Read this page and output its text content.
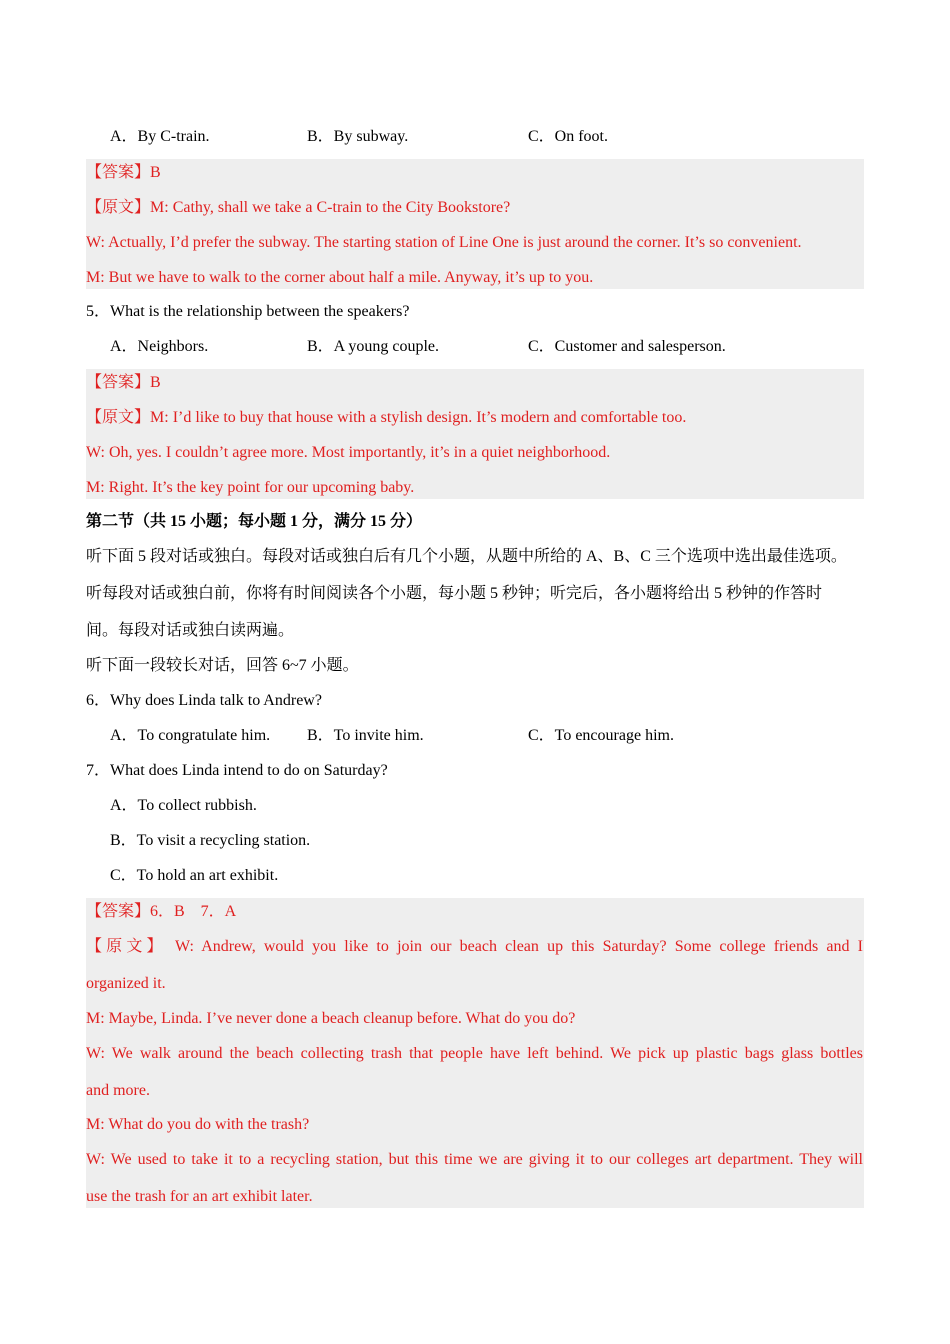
A．By C-train.	B．By subway.	C．On foot.
【答案】B
【原文】M: Cathy, shall we take a C-train to the City Bookstore?
W: Actually, I’d prefer the subway. The starting station of Line One is just around the corner. It’s so convenient.
M: But we have to walk to the corner about half a mile. Anyway, it’s up to you.
5．What is the relationship between the speakers?
A．Neighbors.	B．A young couple.	C．Customer and salesperson.
【答案】B
【原文】M: I’d like to buy that house with a stylish design. It’s modern and comfortable too.
W: Oh, yes. I couldn’t agree more. Most importantly, it’s in a quiet neighborhood.
M: Right. It’s the key point for our upcoming baby.
第二节（共 15 小题；每小题 1 分，满分 15 分）
听下面 5 段对话或独白。每段对话或独白后有几个小题，从题中所给的 A、B、C 三个选项中选出最佳选项。
听每段对话或独白前，你将有时间阅读各个小题，每小题 5 秒钟；听完后，各小题将给出 5 秒钟的作答时
间。每段对话或独白读两遍。
听下面一段较长对话，回答 6~7 小题。
6．Why does Linda talk to Andrew?
A．To congratulate him. B．To invite him.	C．To encourage him.
7．What does Linda intend to do on Saturday?
A．To collect rubbish.
B．To visit a recycling station.
C．To hold an art exhibit.
【答案】6．B　7．A
【原文】 W: Andrew, would you like to join our beach clean up this Saturday? Some college friends and I
organized it.
M: Maybe, Linda. I’ve never done a beach cleanup before. What do you do?
W: We walk around the beach collecting trash that people have left behind. We pick up plastic bags glass bottles
and more.
M: What do you do with the trash?
W: We used to take it to a recycling station, but this time we are giving it to our colleges art department. They will
use the trash for an art exhibit later.
